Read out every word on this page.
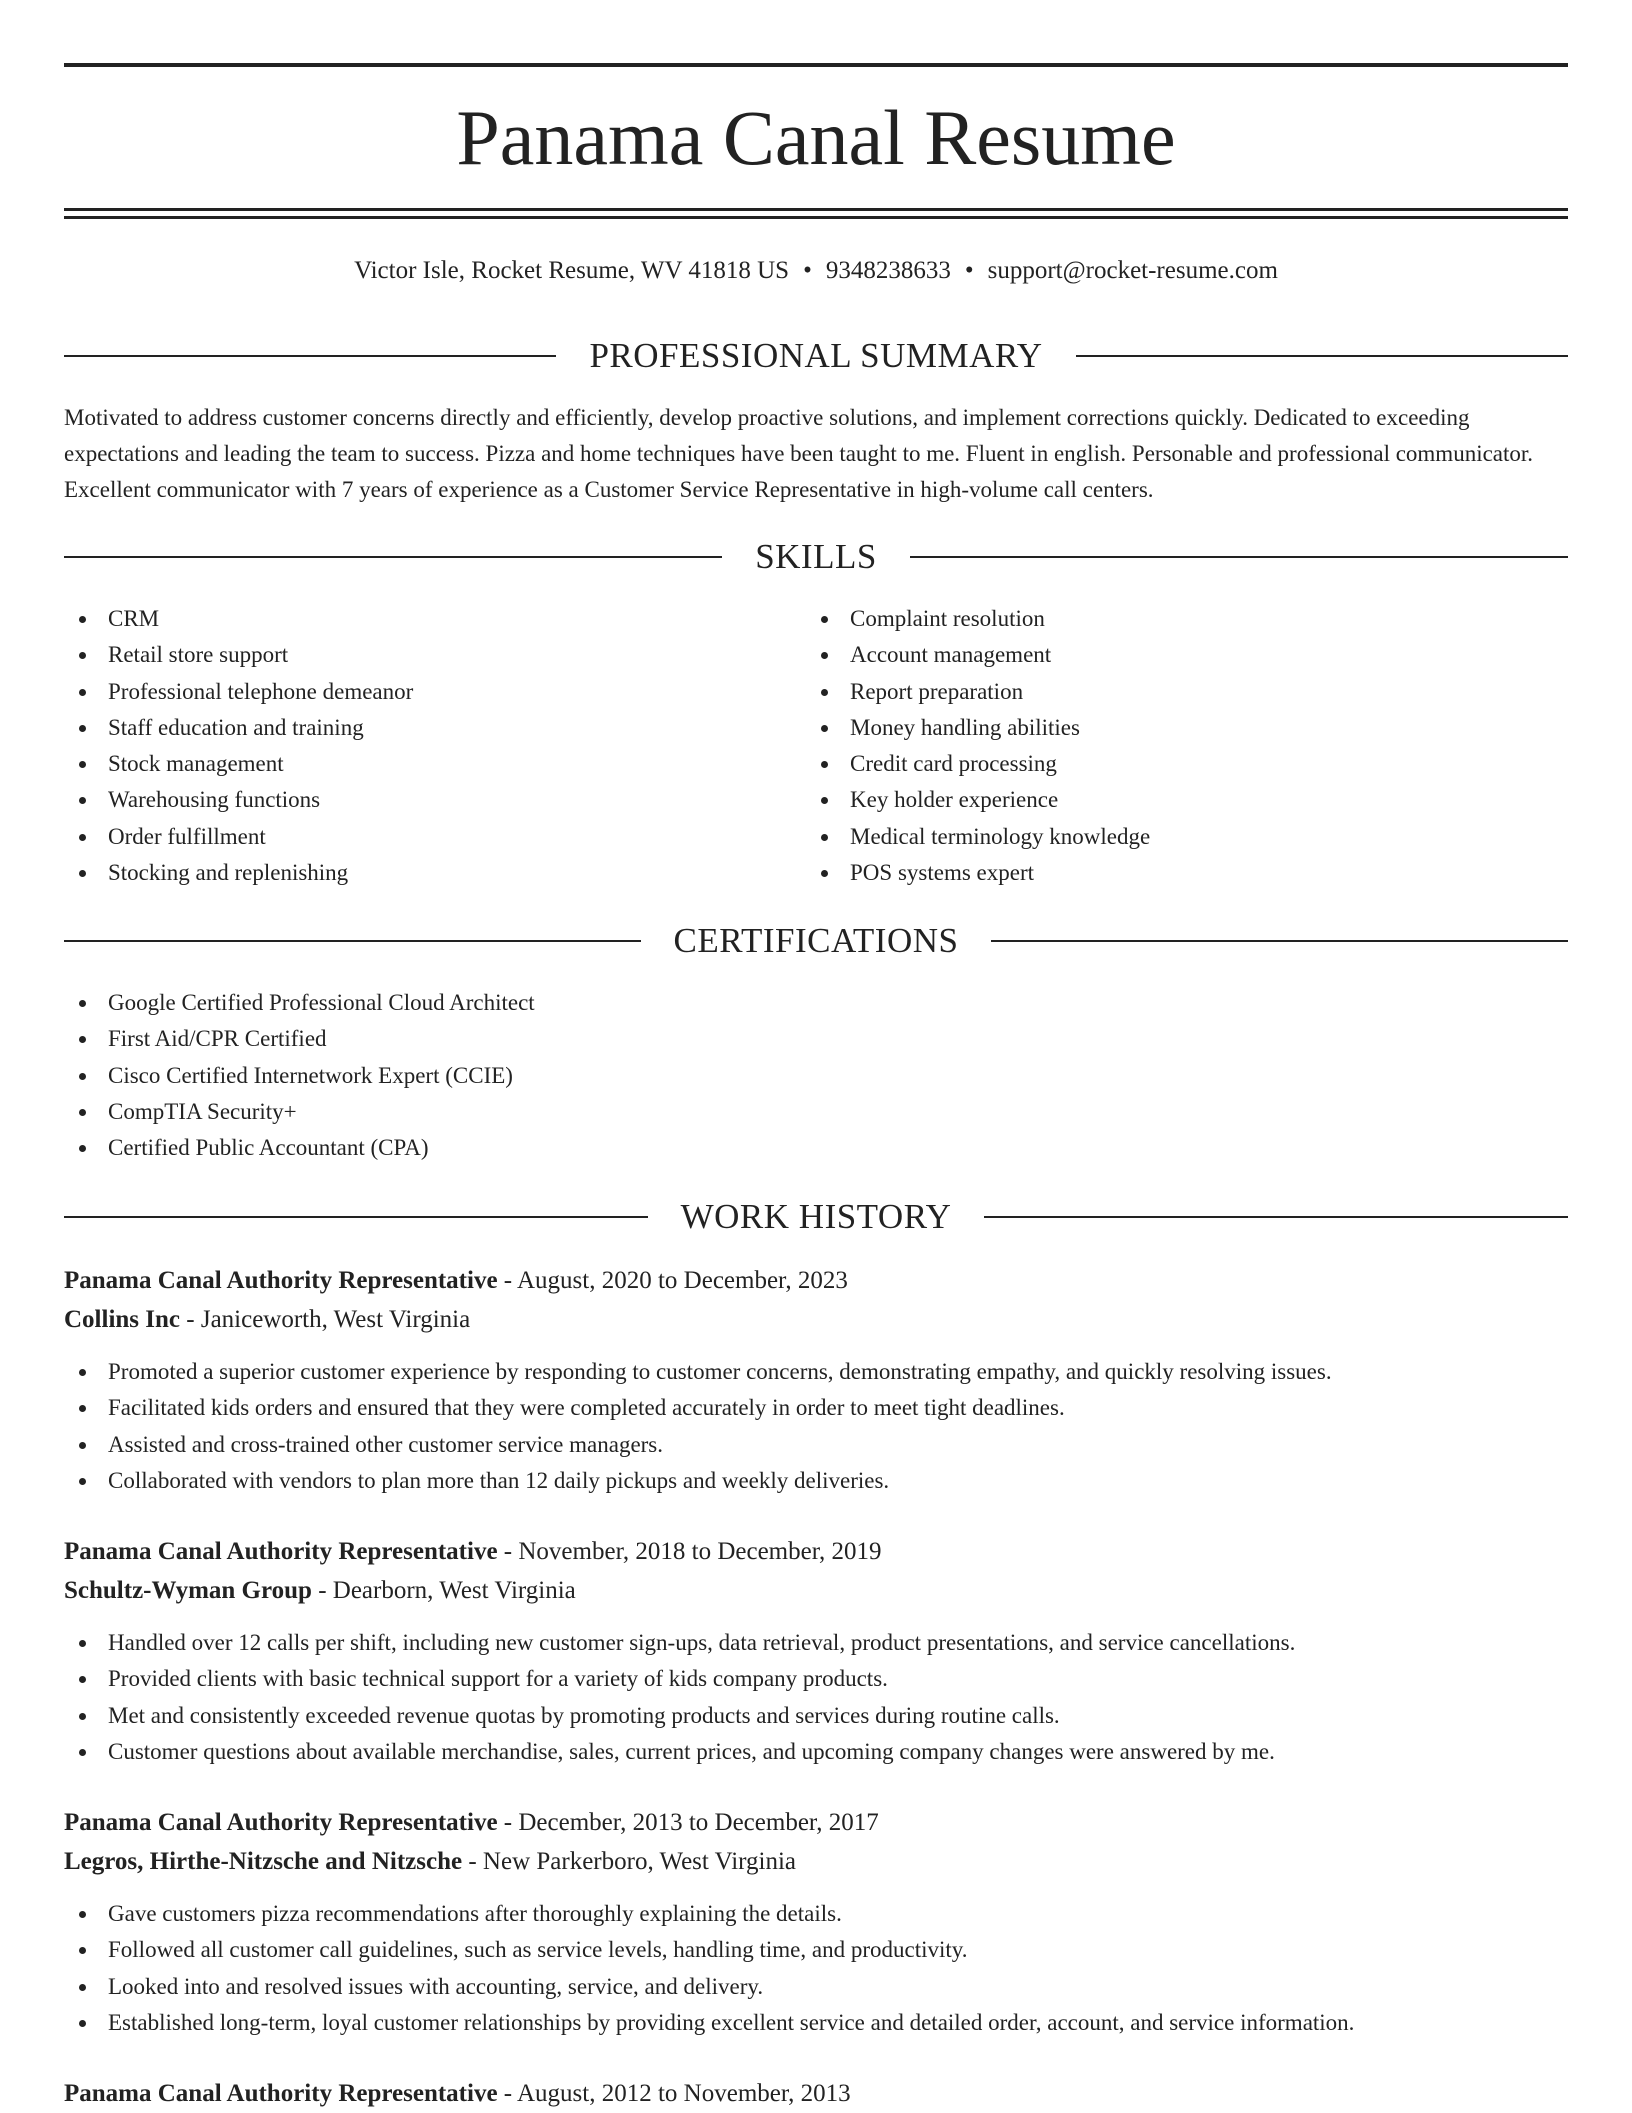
Panama Canal Resume
Victor Isle, Rocket Resume, WV 41818 US • 9348238633 • support@rocket-resume.com
PROFESSIONAL SUMMARY

Motivated to address customer concerns directly and efficiently, develop proactive solutions, and implement corrections quickly. Dedicated to exceeding expectations and leading the team to success. Pizza and home techniques have been taught to me. Fluent in english. Personable and professional communicator. Excellent communicator with 7 years of experience as a Customer Service Representative in high-volume call centers.

SKILLS
CRM
Retail store support
Professional telephone demeanor
Staff education and training
Stock management
Warehousing functions
Order fulfillment
Stocking and replenishing
Complaint resolution
Account management
Report preparation
Money handling abilities
Credit card processing
Key holder experience
Medical terminology knowledge
POS systems expert
CERTIFICATIONS
Google Certified Professional Cloud Architect
First Aid/CPR Certified
Cisco Certified Internetwork Expert (CCIE)
CompTIA Security+
Certified Public Accountant (CPA)
WORK HISTORY
Panama Canal Authority Representative - August, 2020 to December, 2023
Collins Inc - Janiceworth, West Virginia
Promoted a superior customer experience by responding to customer concerns, demonstrating empathy, and quickly resolving issues.
Facilitated kids orders and ensured that they were completed accurately in order to meet tight deadlines.
Assisted and cross-trained other customer service managers.
Collaborated with vendors to plan more than 12 daily pickups and weekly deliveries.
Panama Canal Authority Representative - November, 2018 to December, 2019
Schultz-Wyman Group - Dearborn, West Virginia
Handled over 12 calls per shift, including new customer sign-ups, data retrieval, product presentations, and service cancellations.
Provided clients with basic technical support for a variety of kids company products.
Met and consistently exceeded revenue quotas by promoting products and services during routine calls.
Customer questions about available merchandise, sales, current prices, and upcoming company changes were answered by me.
Panama Canal Authority Representative - December, 2013 to December, 2017
Legros, Hirthe-Nitzsche and Nitzsche - New Parkerboro, West Virginia
Gave customers pizza recommendations after thoroughly explaining the details.
Followed all customer call guidelines, such as service levels, handling time, and productivity.
Looked into and resolved issues with accounting, service, and delivery.
Established long-term, loyal customer relationships by providing excellent service and detailed order, account, and service information.
Panama Canal Authority Representative - August, 2012 to November, 2013
